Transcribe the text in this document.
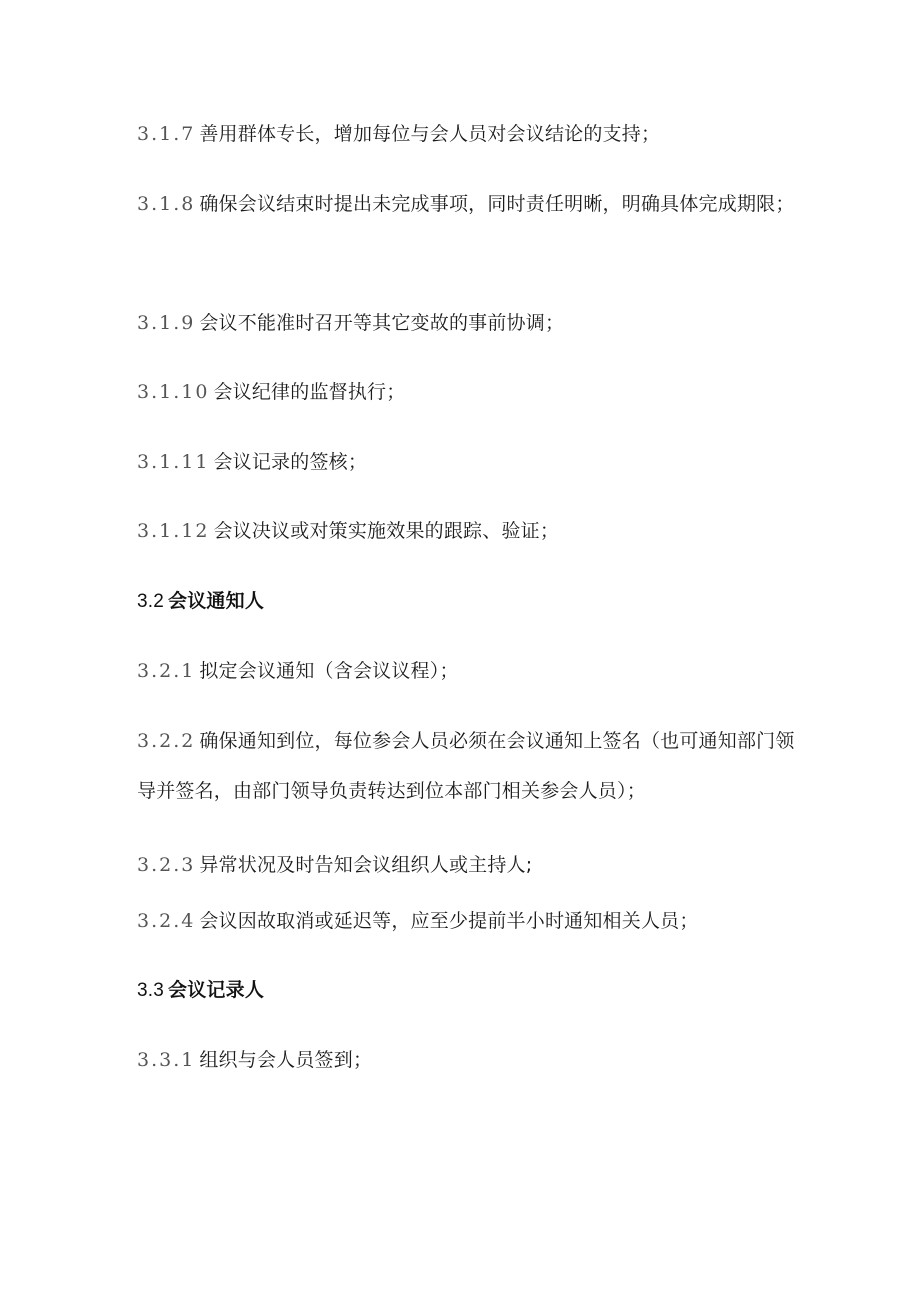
3.1.7 善用群体专长，增加每位与会人员对会议结论的支持；
3.1.8 确保会议结束时提出未完成事项，同时责任明晰，明确具体完成期限；
3.1.9 会议不能准时召开等其它变故的事前协调；
3.1.10 会议纪律的监督执行；
3.1.11 会议记录的签核；
3.1.12 会议决议或对策实施效果的跟踪、验证；
3.2 会议通知人
3.2.1 拟定会议通知（含会议议程）；
3.2.2 确保通知到位，每位参会人员必须在会议通知上签名（也可通知部门领导并签名，由部门领导负责转达到位本部门相关参会人员）；
3.2.3 异常状况及时告知会议组织人或主持人;
3.2.4 会议因故取消或延迟等，应至少提前半小时通知相关人员；
3.3 会议记录人
3.3.1 组织与会人员签到；
